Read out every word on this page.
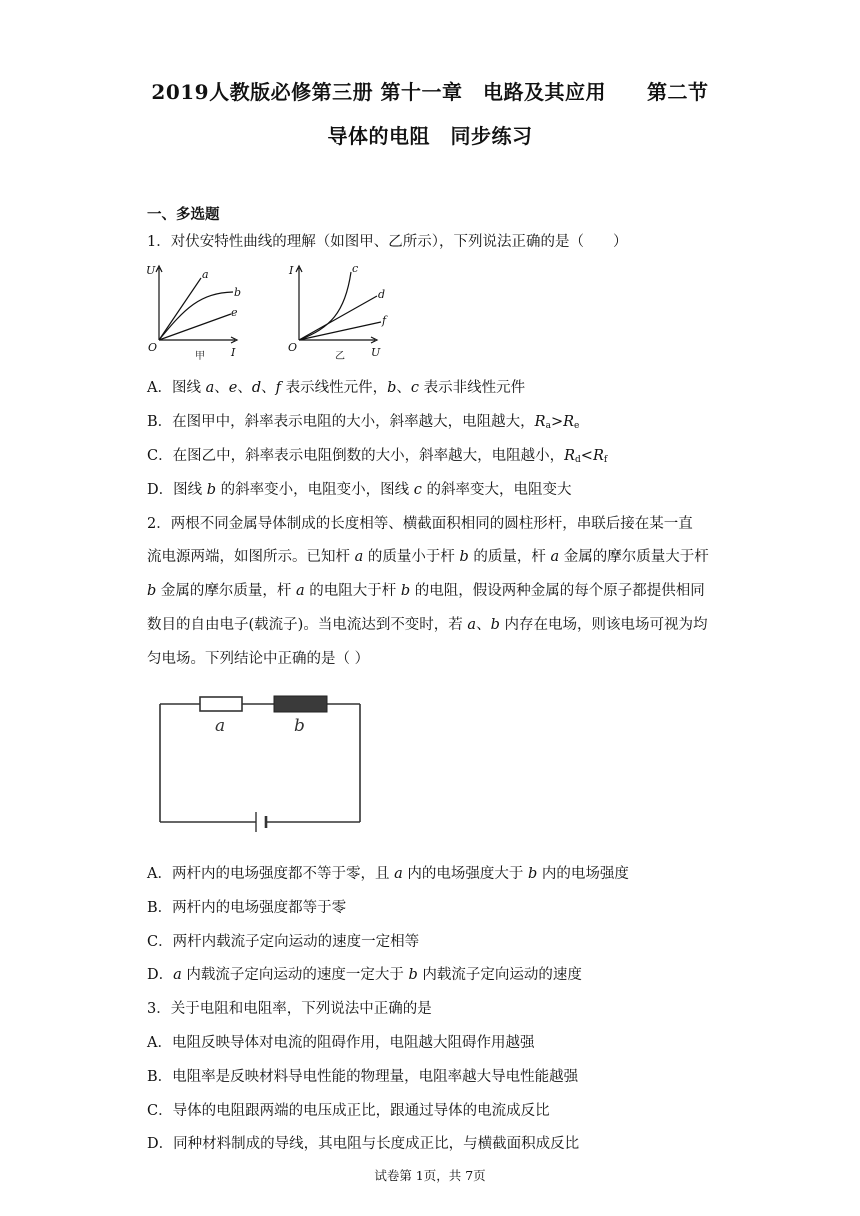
2019人教版必修第三册 第十一章　电路及其应用　　第二节
导体的电阻　同步练习
一、多选题
1．对伏安特性曲线的理解（如图甲、乙所示），下列说法正确的是（　　）
U
I
O
a
b
e
甲
I
U
O
c
d
f
乙
A．图线 a、e、d、f 表示线性元件，b、c 表示非线性元件
B．在图甲中，斜率表示电阻的大小，斜率越大，电阻越大，$R_a>R_e$
C．在图乙中，斜率表示电阻倒数的大小，斜率越大，电阻越小，$R_d<R_f$
D．图线 b 的斜率变小，电阻变小，图线 c 的斜率变大，电阻变大
2．两根不同金属导体制成的长度相等、横截面积相同的圆柱形杆，串联后接在某一直
流电源两端，如图所示。已知杆 a 的质量小于杆 b 的质量，杆 a 金属的摩尔质量大于杆
b 金属的摩尔质量，杆 a 的电阻大于杆 b 的电阻，假设两种金属的每个原子都提供相同
数目的自由电子(载流子)。当电流达到不变时，若 a、b 内存在电场，则该电场可视为均
匀电场。下列结论中正确的是（ ）
a	b
A．两杆内的电场强度都不等于零，且 a 内的电场强度大于 b 内的电场强度
B．两杆内的电场强度都等于零
C．两杆内载流子定向运动的速度一定相等
D．a 内载流子定向运动的速度一定大于 b 内载流子定向运动的速度
3．关于电阻和电阻率，下列说法中正确的是
A．电阻反映导体对电流的阻碍作用，电阻越大阻碍作用越强
B．电阻率是反映材料导电性能的物理量，电阻率越大导电性能越强
C．导体的电阻跟两端的电压成正比，跟通过导体的电流成反比
D．同种材料制成的导线，其电阻与长度成正比，与横截面积成反比
试卷第 1页，共 7页
